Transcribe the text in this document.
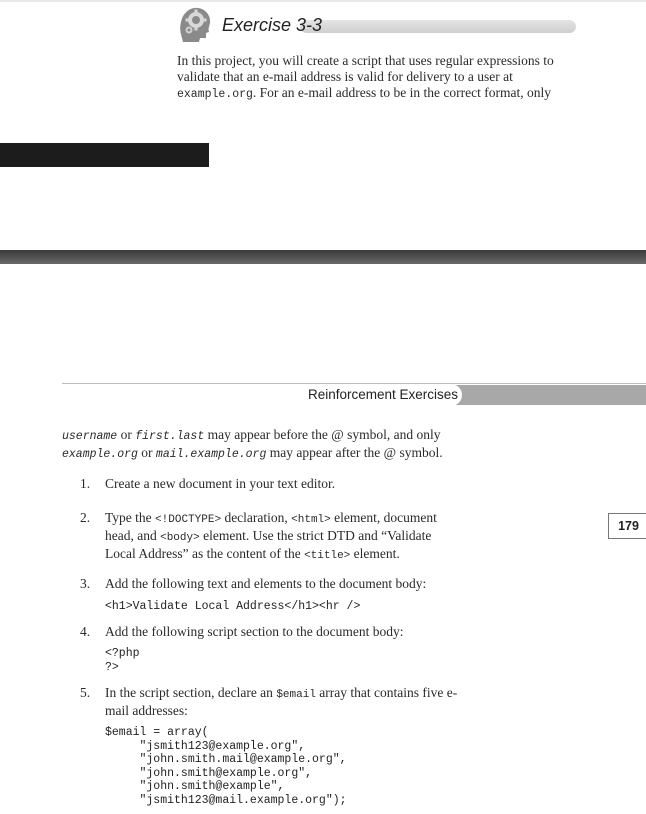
Exercise 3-3
In this project, you will create a script that uses regular expressions to validate that an e-mail address is valid for delivery to a user at example.org. For an e-mail address to be in the correct format, only
Reinforcement Exercises
179
username or first.last may appear before the @ symbol, and only example.org or mail.example.org may appear after the @ symbol.
1.	Create a new document in your text editor.
2.	Type the <!DOCTYPE> declaration, <html> element, document head, and <body> element. Use the strict DTD and “Validate Local Address” as the content of the <title> element.
3.	Add the following text and elements to the document body:
<h1>Validate Local Address</h1><hr />
4.	Add the following script section to the document body:
<?php
?>
5.	In the script section, declare an $email array that contains five e-mail addresses:
$email = array(
"jsmith123@example.org",
"john.smith.mail@example.org",
"john.smith@example.org",
"john.smith@example",
"jsmith123@mail.example.org");
